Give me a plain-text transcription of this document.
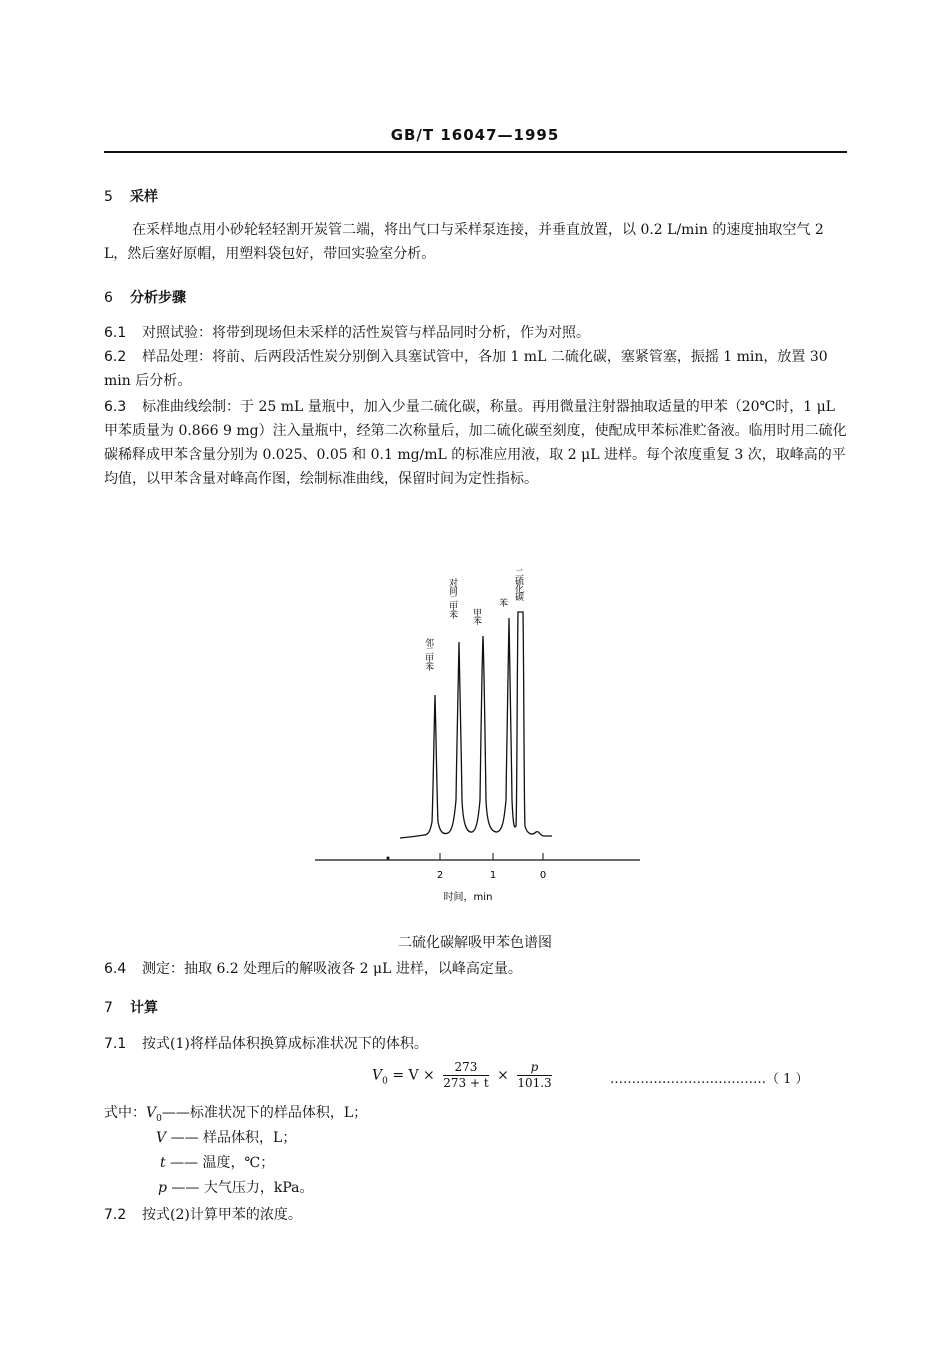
GB/T 16047—1995
5 采样
在采样地点用小砂轮轻轻割开炭管二端，将出气口与采样泵连接，并垂直放置，以 0.2 L/min 的速度抽取空气 2 L，然后塞好原帽，用塑料袋包好，带回实验室分析。
6 分析步骤
6.1 对照试验：将带到现场但未采样的活性炭管与样品同时分析，作为对照。
6.2 样品处理：将前、后两段活性炭分别倒入具塞试管中，各加 1 mL 二硫化碳，塞紧管塞，振摇 1 min，放置 30 min 后分析。
6.3 标准曲线绘制：于 25 mL 量瓶中，加入少量二硫化碳，称量。再用微量注射器抽取适量的甲苯（20℃时，1 μL 甲苯质量为 0.866 9 mg）注入量瓶中，经第二次称量后，加二硫化碳至刻度，使配成甲苯标准贮备液。临用时用二硫化碳稀释成甲苯含量分别为 0.025、0.05 和 0.1 mg/mL 的标准应用液，取 2 μL 进样。每个浓度重复 3 次，取峰高的平均值，以甲苯含量对峰高作图，绘制标准曲线，保留时间为定性指标。
邻二甲苯
对间二甲苯 甲苯
苯
二硫化碳
2	1	0
时间，min
二硫化碳解吸甲苯色谱图
6.4 测定：抽取 6.2 处理后的解吸液各 2 μL 进样，以峰高定量。
7 计算
7.1 按式(1)将样品体积换算成标准状况下的体积。
$V_0 = V \times \frac{273}{273 + t} \times \frac{p}{101.3}$	………………………………（ 1 ）
式中：$V_0——$标准状况下的样品体积，L；
V —— 样品体积，L；
t —— 温度，℃；
p —— 大气压力，kPa。
7.2 按式(2)计算甲苯的浓度。
